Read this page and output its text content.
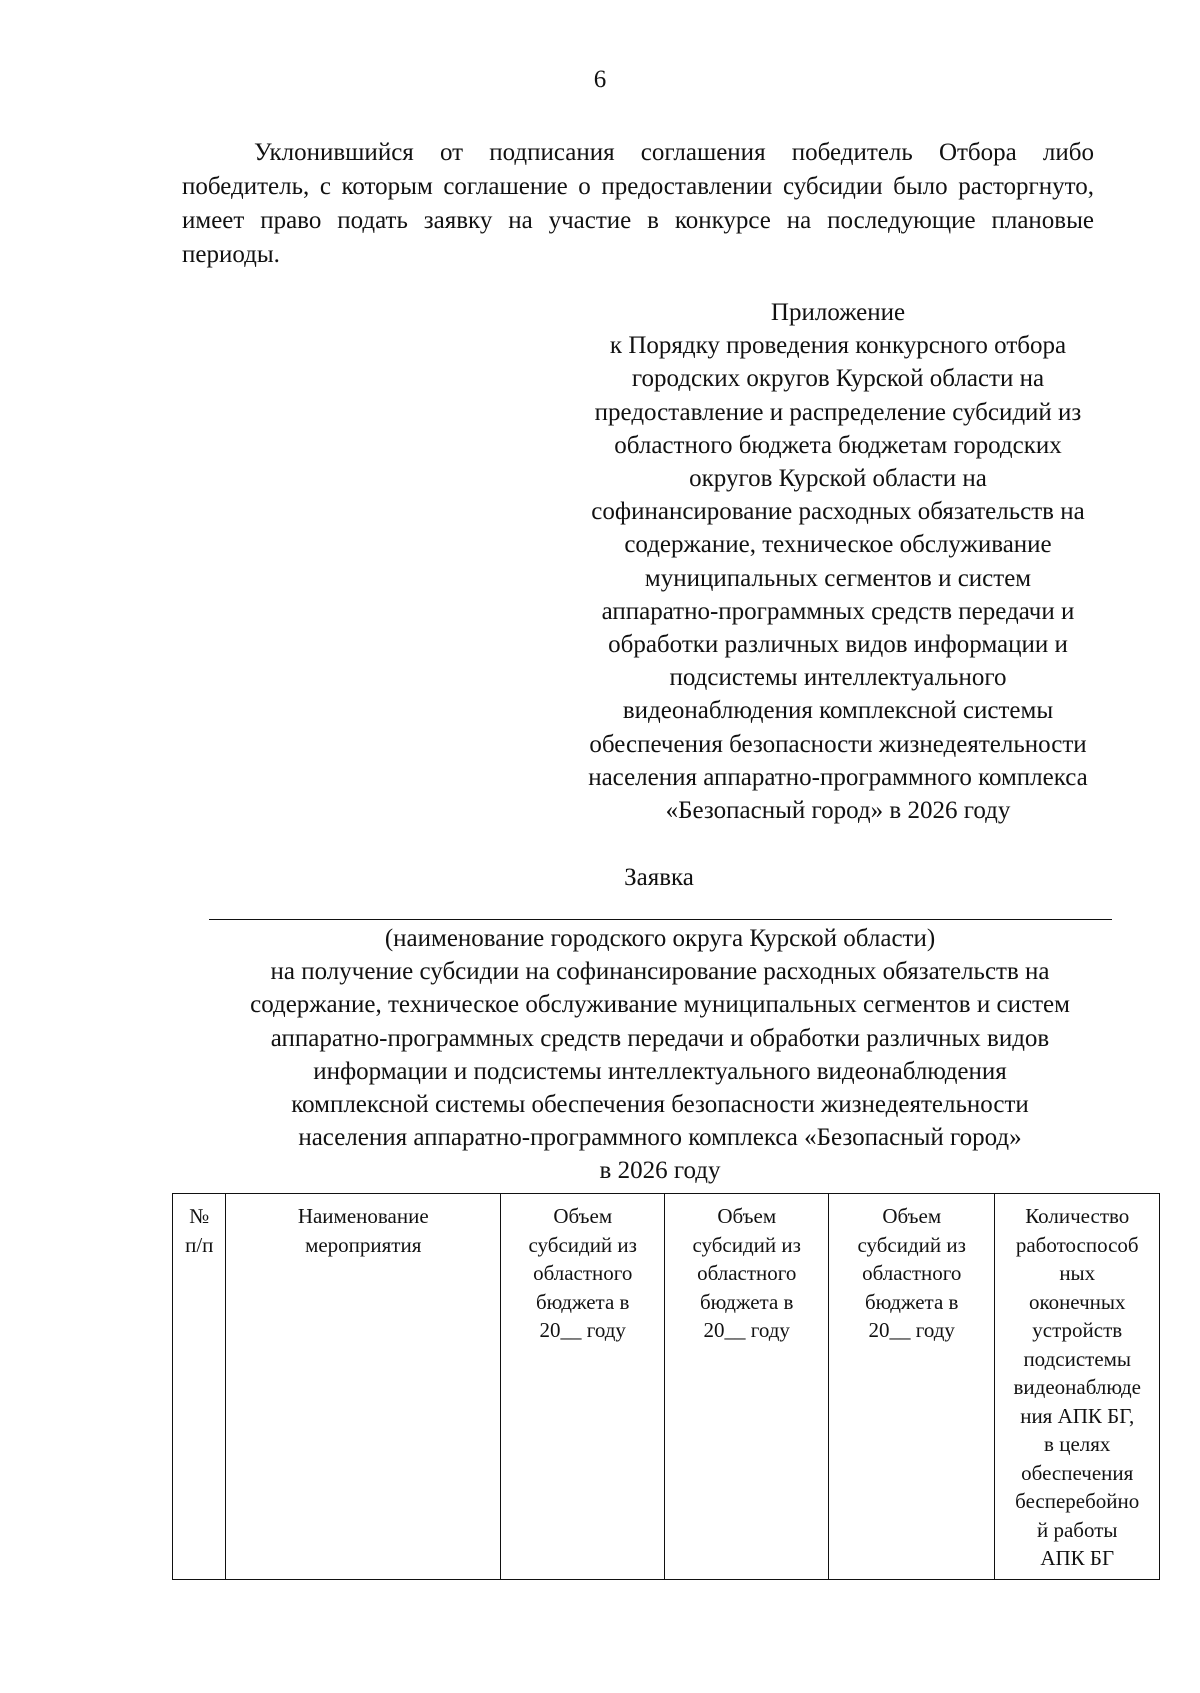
6

Уклонившийся от подписания соглашения победитель Отбора либо победитель, с которым соглашение о предоставлении субсидии было расторгнуто, имеет право подать заявку на участие в конкурсе на последующие плановые периоды.

Приложение
к Порядку проведения конкурсного отбора
городских округов Курской области на
предоставление и распределение субсидий из
областного бюджета бюджетам городских
округов Курской области на
софинансирование расходных обязательств на
содержание, техническое обслуживание
муниципальных сегментов и систем
аппаратно-программных средств передачи и
обработки различных видов информации и
подсистемы интеллектуального
видеонаблюдения комплексной системы
обеспечения безопасности жизнедеятельности
населения аппаратно-программного комплекса
«Безопасный город» в 2026 году
Заявка
(наименование городского округа Курской области)
на получение субсидии на софинансирование расходных обязательств на
содержание, техническое обслуживание муниципальных сегментов и систем
аппаратно-программных средств передачи и обработки различных видов
информации и подсистемы интеллектуального видеонаблюдения
комплексной системы обеспечения безопасности жизнедеятельности
населения аппаратно-программного комплекса «Безопасный город»
в 2026 году
№
п/п

Наименование
мероприятия

Объем
субсидий из
областного
бюджета в
20__ году

Объем
субсидий из
областного
бюджета в
20__ году

Объем
субсидий из
областного
бюджета в
20__ году

Количество
работоспособ
ных
оконечных
устройств
подсистемы
видеонаблюде
ния АПК БГ,
в целях
обеспечения
бесперебойно
й работы
АПК БГ
